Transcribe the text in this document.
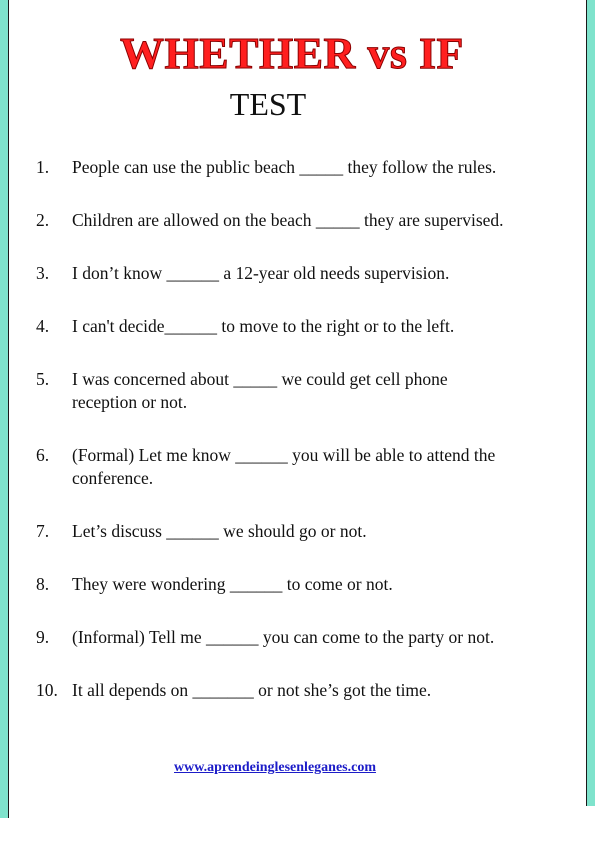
WHETHER vs IF
TEST
1.	People can use the public beach _____ they follow the rules.
2.	Children are allowed on the beach _____ they are supervised.
3.	I don’t know ______ a 12-year old needs supervision.
4.	I can't decide______ to move to the right or to the left.
5.	I was concerned about _____ we could get cell phone reception or not.
6.	(Formal) Let me know ______ you will be able to attend the conference.
7.	Let’s discuss ______ we should go or not.
8.	They were wondering ______ to come or not.
9.	(Informal) Tell me ______ you can come to the party or not.
10. It all depends on _______ or not she’s got the time.
www.aprendeinglesenleganes.com
